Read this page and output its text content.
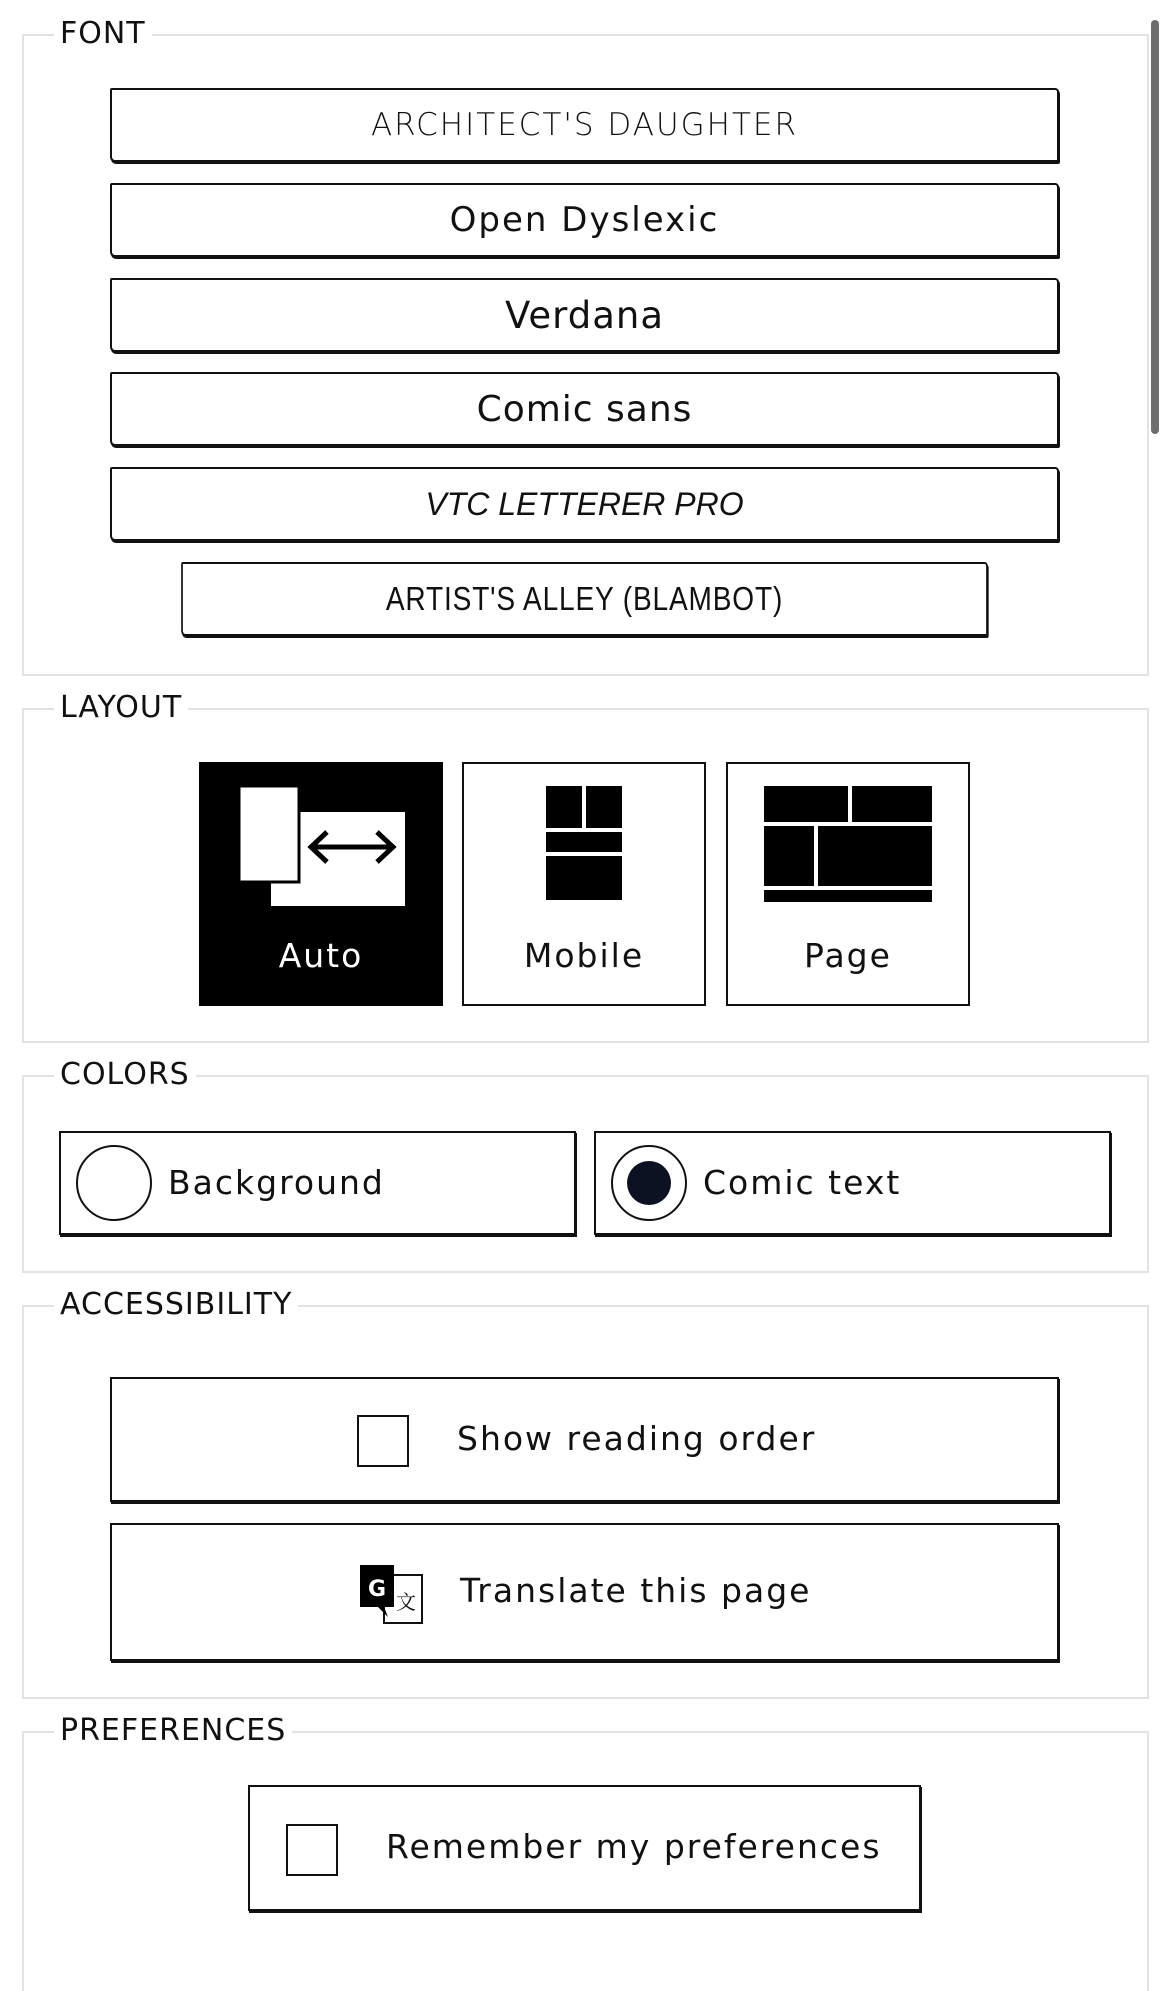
FONT
ARCHITECT'S DAUGHTER
Open Dyslexic
Verdana
Comic sans
VTC LETTERER PRO
ARTIST'S ALLEY (BLAMBOT)
LAYOUT
Auto	Mobile	Page
COLORS
Background	Comic text
ACCESSIBILITY
Show reading order
G 文 Translate this page
PREFERENCES
Remember my preferences
